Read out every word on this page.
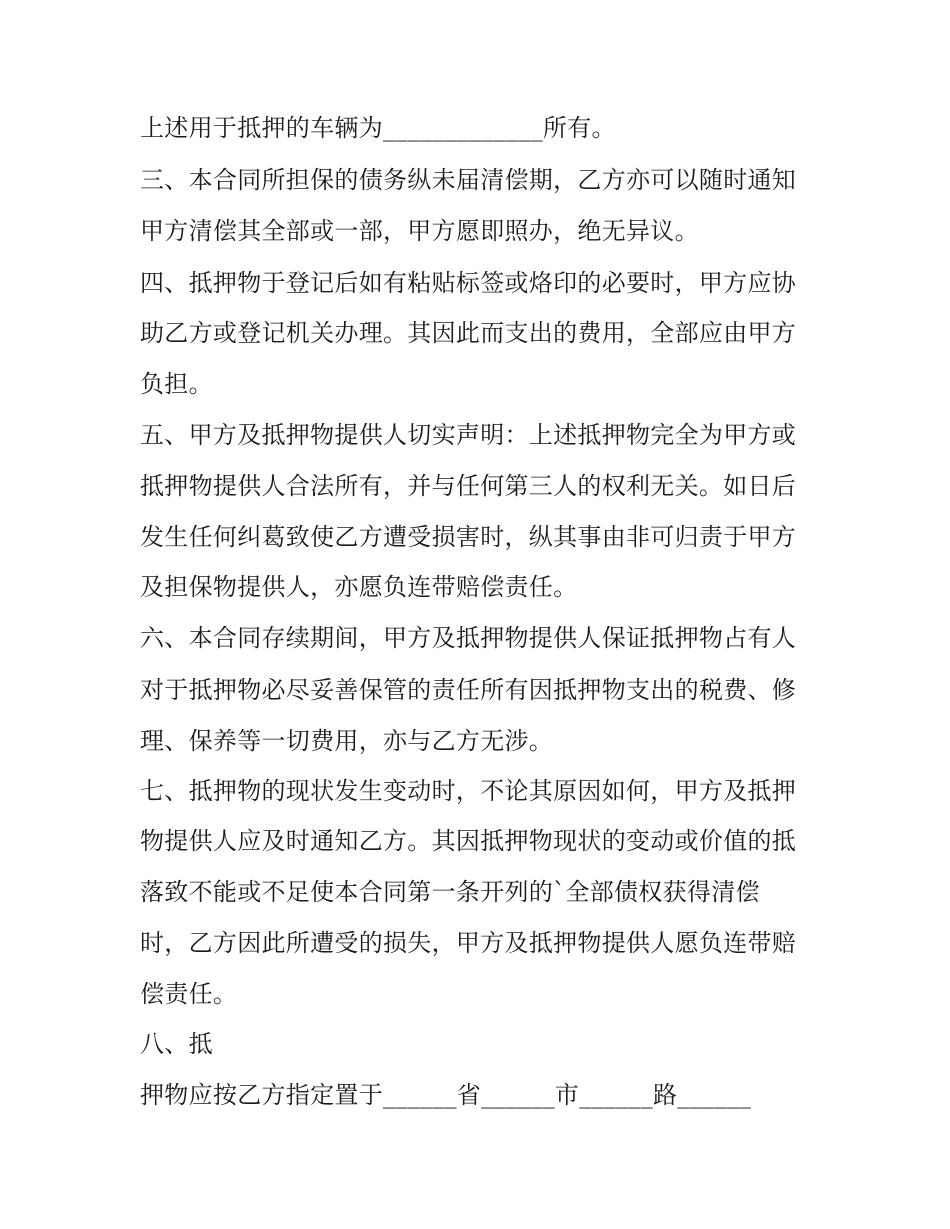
上述用于抵押的车辆为_____________所有。
三、本合同所担保的债务纵未届清偿期，乙方亦可以随时通知
甲方清偿其全部或一部，甲方愿即照办，绝无异议。
四、抵押物于登记后如有粘贴标签或烙印的必要时，甲方应协
助乙方或登记机关办理。其因此而支出的费用，全部应由甲方
负担。
五、甲方及抵押物提供人切实声明：上述抵押物完全为甲方或
抵押物提供人合法所有，并与任何第三人的权利无关。如日后
发生任何纠葛致使乙方遭受损害时，纵其事由非可归责于甲方
及担保物提供人，亦愿负连带赔偿责任。
六、本合同存续期间，甲方及抵押物提供人保证抵押物占有人
对于抵押物必尽妥善保管的责任所有因抵押物支出的税费、修
理、保养等一切费用，亦与乙方无涉。
七、抵押物的现状发生变动时，不论其原因如何，甲方及抵押
物提供人应及时通知乙方。其因抵押物现状的变动或价值的抵
落致不能或不足使本合同第一条开列的`全部债权获得清偿
时，乙方因此所遭受的损失，甲方及抵押物提供人愿负连带赔
偿责任。
八、抵
押物应按乙方指定置于______省______市______路______
